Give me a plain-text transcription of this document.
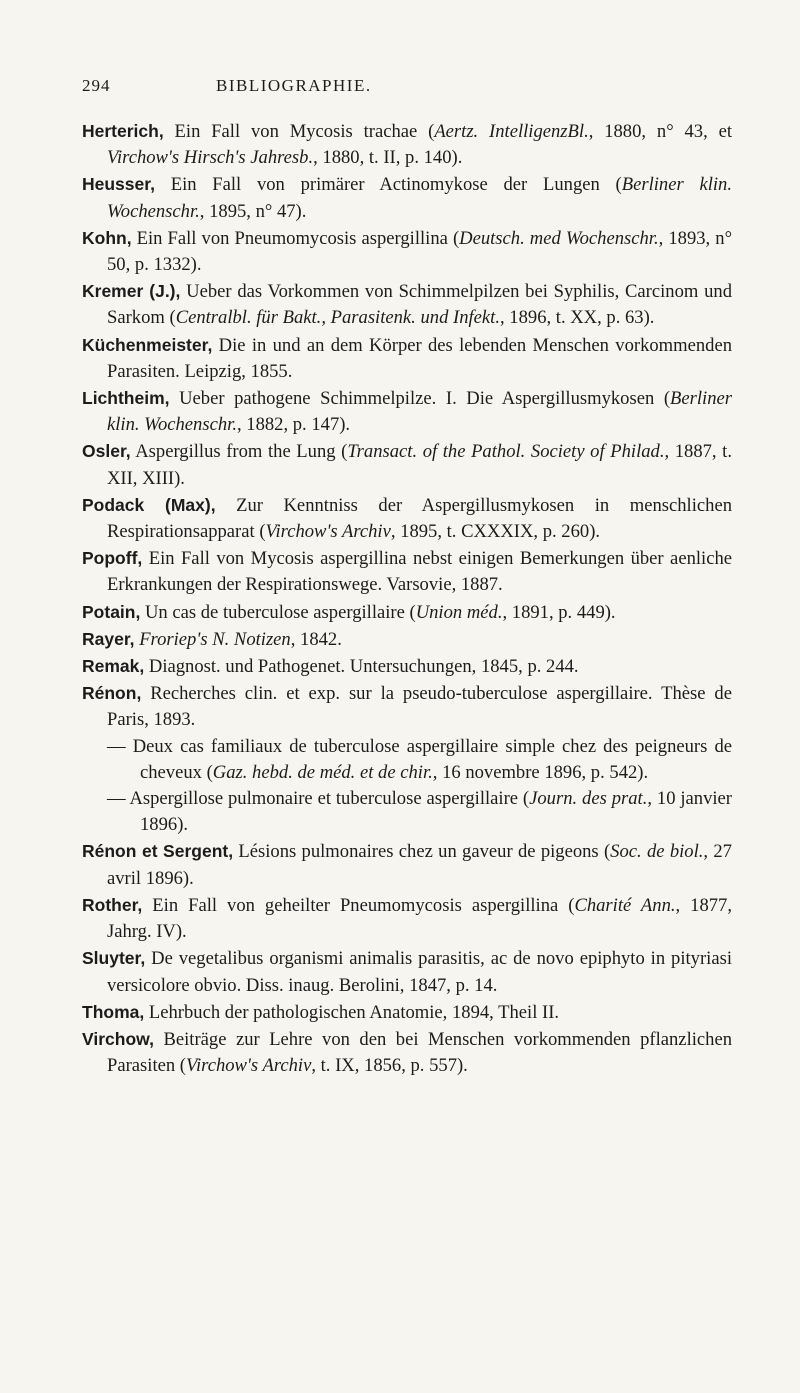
294	BIBLIOGRAPHIE.
Herterich, Ein Fall von Mycosis trachae (Aertz. IntelligenzBl., 1880, n° 43, et Virchow's Hirsch's Jahresb., 1880, t. II, p. 140).
Heusser, Ein Fall von primärer Actinomykose der Lungen (Berliner klin. Wochenschr., 1895, n° 47).
Kohn, Ein Fall von Pneumomycosis aspergillina (Deutsch. med Wochenschr., 1893, n° 50, p. 1332).
Kremer (J.), Ueber das Vorkommen von Schimmelpilzen bei Syphilis, Carcinom und Sarkom (Centralbl. für Bakt., Parasitenk. und Infekt., 1896, t. XX, p. 63).
Küchenmeister, Die in und an dem Körper des lebenden Menschen vorkommenden Parasiten. Leipzig, 1855.
Lichtheim, Ueber pathogene Schimmelpilze. I. Die Aspergillusmykosen (Berliner klin. Wochenschr., 1882, p. 147).
Osler, Aspergillus from the Lung (Transact. of the Pathol. Society of Philad., 1887, t. XII, XIII).
Podack (Max), Zur Kenntniss der Aspergillusmykosen in menschlichen Respirationsapparat (Virchow's Archiv, 1895, t. CXXXIX, p. 260).
Popoff, Ein Fall von Mycosis aspergillina nebst einigen Bemerkungen über aenliche Erkrankungen der Respirationswege. Varsovie, 1887.
Potain, Un cas de tuberculose aspergillaire (Union méd., 1891, p. 449).
Rayer, Froriep's N. Notizen, 1842.
Remak, Diagnost. und Pathogenet. Untersuchungen, 1845, p. 244.
Rénon, Recherches clin. et exp. sur la pseudo-tuberculose aspergillaire. Thèse de Paris, 1893.
— Deux cas familiaux de tuberculose aspergillaire simple chez des peigneurs de cheveux (Gaz. hebd. de méd. et de chir., 16 novembre 1896, p. 542).
— Aspergillose pulmonaire et tuberculose aspergillaire (Journ. des prat., 10 janvier 1896).
Rénon et Sergent, Lésions pulmonaires chez un gaveur de pigeons (Soc. de biol., 27 avril 1896).
Rother, Ein Fall von geheilter Pneumomycosis aspergillina (Charité Ann., 1877, Jahrg. IV).
Sluyter, De vegetalibus organismi animalis parasitis, ac de novo epiphyto in pityriasi versicolore obvio. Diss. inaug. Berolini, 1847, p. 14.
Thoma, Lehrbuch der pathologischen Anatomie, 1894, Theil II.
Virchow, Beiträge zur Lehre von den bei Menschen vorkommenden pflanzlichen Parasiten (Virchow's Archiv, t. IX, 1856, p. 557).
